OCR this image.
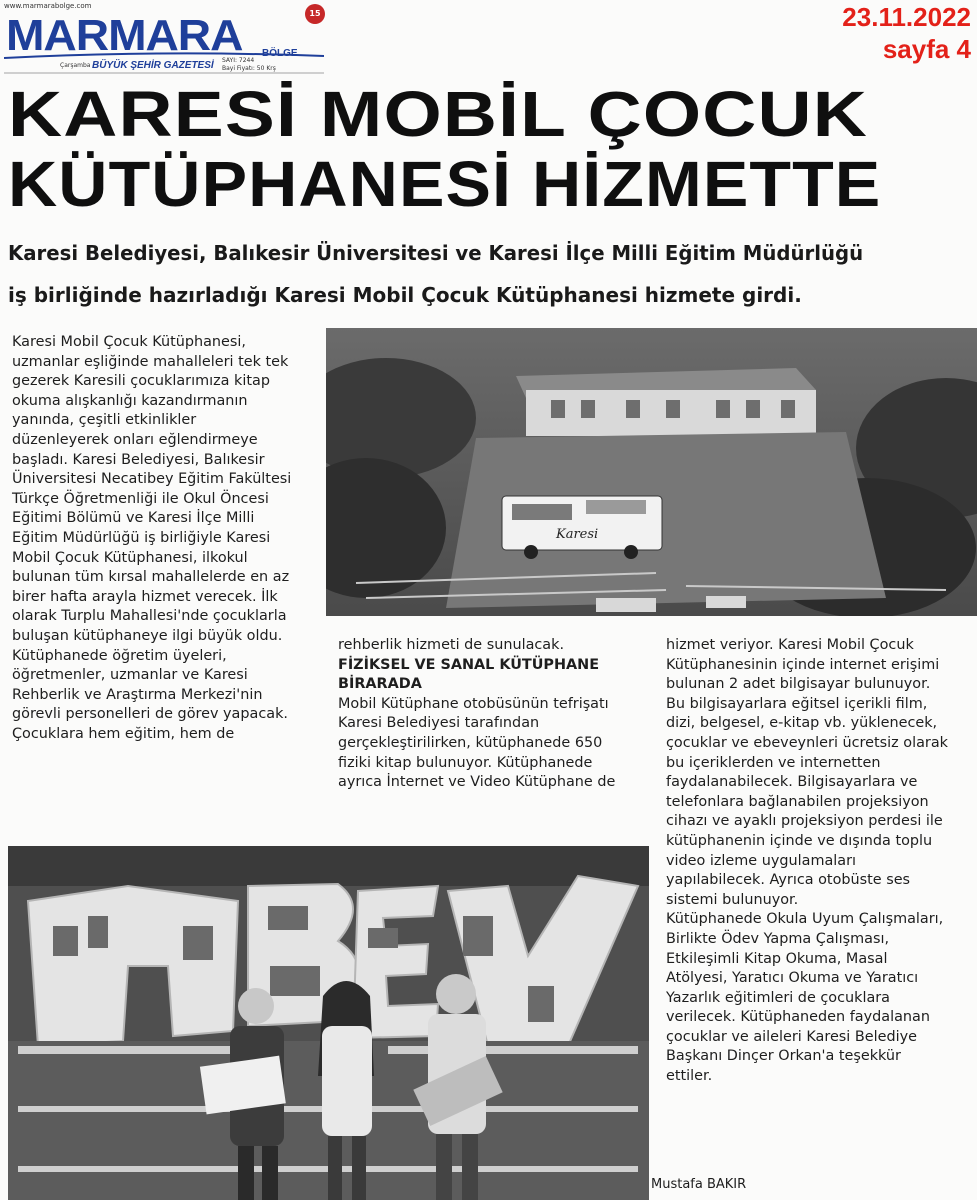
www.marmarabolge.com
MARMARA	15
BÖLGE
Çarşamba BÜYÜK ŞEHİR GAZETESİ SAYI: 7244
Bayi Fiyatı: 50 Krş
23.11.2022
sayfa 4
KARESİ MOBİL ÇOCUK
KÜTÜPHANESİ HİZMETTE
Karesi Belediyesi, Balıkesir Üniversitesi ve Karesi İlçe Milli Eğitim Müdürlüğü
iş birliğinde hazırladığı Karesi Mobil Çocuk Kütüphanesi hizmete girdi.

Karesi Mobil Çocuk Kütüphanesi,

uzmanlar eşliğinde mahalleleri tek tek

gezerek Karesili çocuklarımıza kitap

okuma alışkanlığı kazandırmanın

yanında, çeşitli etkinlikler

düzenleyerek onları eğlendirmeye

başladı. Karesi Belediyesi, Balıkesir

Üniversitesi Necatibey Eğitim Fakültesi

Türkçe Öğretmenliği ile Okul Öncesi

Eğitimi Bölümü ve Karesi İlçe Milli

Eğitim Müdürlüğü iş birliğiyle Karesi

Mobil Çocuk Kütüphanesi, ilkokul

bulunan tüm kırsal mahallelerde en az

birer hafta arayla hizmet verecek. İlk

olarak Turplu Mahallesi'nde çocuklarla

buluşan kütüphaneye ilgi büyük oldu.

Kütüphanede öğretim üyeleri,

öğretmenler, uzmanlar ve Karesi

Rehberlik ve Araştırma Merkezi'nin

görevli personelleri de görev yapacak.

Çocuklara hem eğitim, hem de

Karesi

rehberlik hizmeti de sunulacak.

FİZİKSEL VE SANAL KÜTÜPHANE

BİRARADA

Mobil Kütüphane otobüsünün tefrişatı

Karesi Belediyesi tarafından

gerçekleştirilirken, kütüphanede 650

fiziki kitap bulunuyor. Kütüphanede

ayrıca İnternet ve Video Kütüphane de

hizmet veriyor. Karesi Mobil Çocuk

Kütüphanesinin içinde internet erişimi

bulunan 2 adet bilgisayar bulunuyor.

Bu bilgisayarlara eğitsel içerikli film,

dizi, belgesel, e-kitap vb. yüklenecek,

çocuklar ve ebeveynleri ücretsiz olarak

bu içeriklerden ve internetten

faydalanabilecek. Bilgisayarlara ve

telefonlara bağlanabilen projeksiyon

cihazı ve ayaklı projeksiyon perdesi ile

kütüphanenin içinde ve dışında toplu

video izleme uygulamaları

yapılabilecek. Ayrıca otobüste ses

sistemi bulunuyor.

Kütüphanede Okula Uyum Çalışmaları,

Birlikte Ödev Yapma Çalışması,

Etkileşimli Kitap Okuma, Masal

Atölyesi, Yaratıcı Okuma ve Yaratıcı

Yazarlık eğitimleri de çocuklara

verilecek. Kütüphaneden faydalanan

çocuklar ve aileleri Karesi Belediye

Başkanı Dinçer Orkan'a teşekkür

ettiler.

Mustafa BAKIR
